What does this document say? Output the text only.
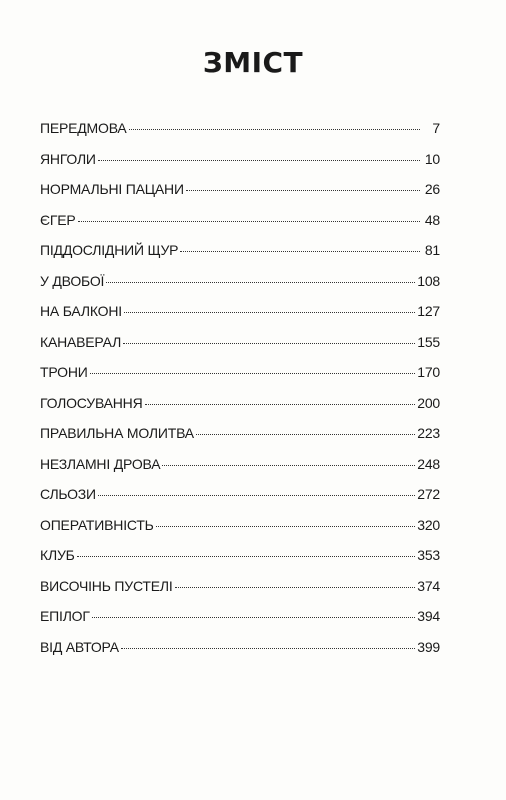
ЗМІСТ
ПЕРЕДМОВА	7
ЯНГОЛИ	10
НОРМАЛЬНІ ПАЦАНИ	26
ЄГЕР	48
ПІДДОСЛІДНИЙ ЩУР	81
У ДВОБОЇ	108
НА БАЛКОНІ	127
КАНАВЕРАЛ	155
ТРОНИ	170
ГОЛОСУВАННЯ	200
ПРАВИЛЬНА МОЛИТВА	223
НЕЗЛАМНІ ДРОВА	248
СЛЬОЗИ	272
ОПЕРАТИВНІСТЬ	320
КЛУБ	353
ВИСОЧІНЬ ПУСТЕЛІ	374
ЕПІЛОГ	394
ВІД АВТОРА	399
